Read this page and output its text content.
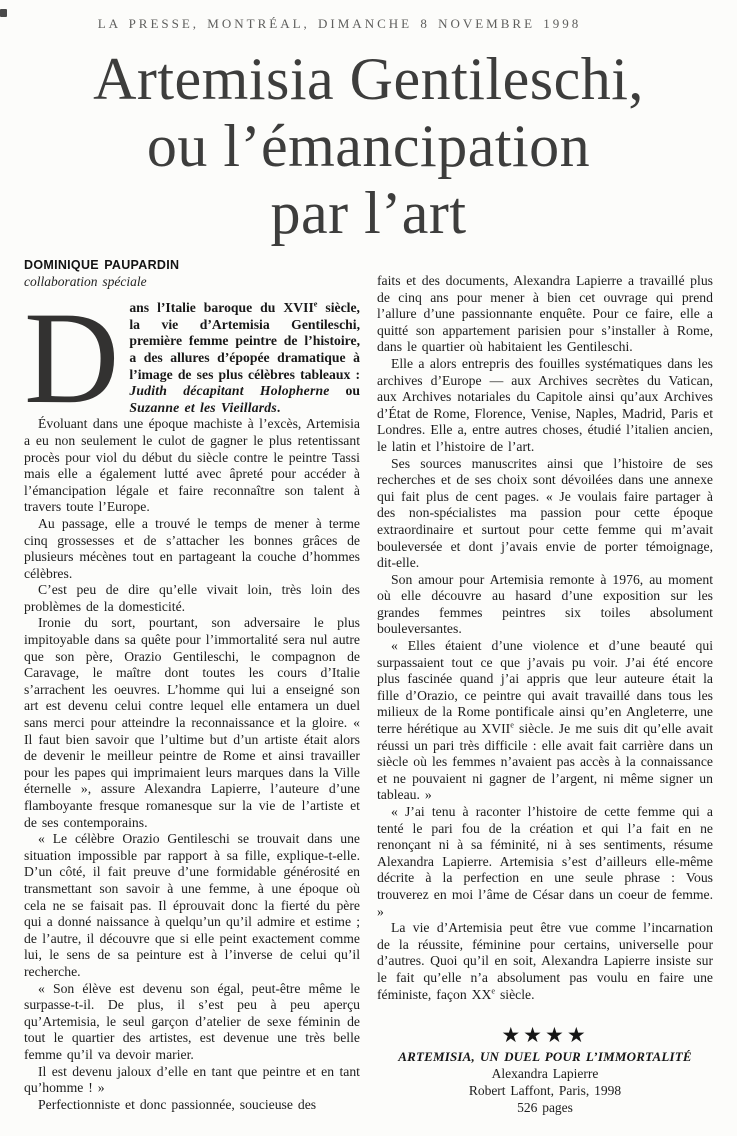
LA PRESSE, MONTRÉAL, DIMANCHE 8 NOVEMBRE 1998
Artemisia Gentileschi,
ou l’émancipation
par l’art
DOMINIQUE PAUPARDIN
collaboration spéciale

Dans l’Italie baroque du XVIIe siècle, la vie d’Artemisia Gentileschi, première femme peintre de l’histoire, a des allures d’épopée dramatique à l’image de ses plus célèbres tableaux : Judith décapitant Holopherne ou Suzanne et les Vieillards.

Évoluant dans une époque machiste à l’excès, Artemisia a eu non seulement le culot de gagner le plus retentissant procès pour viol du début du siècle contre le peintre Tassi mais elle a également lutté avec âpreté pour accéder à l’émancipation légale et faire reconnaître son talent à travers toute l’Europe.

Au passage, elle a trouvé le temps de mener à terme cinq grossesses et de s’attacher les bonnes grâces de plusieurs mécènes tout en partageant la couche d’hommes célèbres.

C’est peu de dire qu’elle vivait loin, très loin des problèmes de la domesticité.

Ironie du sort, pourtant, son adversaire le plus impitoyable dans sa quête pour l’immortalité sera nul autre que son père, Orazio Gentileschi, le compagnon de Caravage, le maître dont toutes les cours d’Italie s’arrachent les oeuvres. L’homme qui lui a enseigné son art est devenu celui contre lequel elle entamera un duel sans merci pour atteindre la reconnaissance et la gloire. « Il faut bien savoir que l’ultime but d’un artiste était alors de devenir le meilleur peintre de Rome et ainsi travailler pour les papes qui imprimaient leurs marques dans la Ville éternelle », assure Alexandra Lapierre, l’auteure d’une flamboyante fresque romanesque sur la vie de l’artiste et de ses contemporains.

« Le célèbre Orazio Gentileschi se trouvait dans une situation impossible par rapport à sa fille, explique-t-elle. D’un côté, il fait preuve d’une formidable générosité en transmettant son savoir à une femme, à une époque où cela ne se faisait pas. Il éprouvait donc la fierté du père qui a donné naissance à quelqu’un qu’il admire et estime ; de l’autre, il découvre que si elle peint exactement comme lui, le sens de sa peinture est à l’inverse de celui qu’il recherche.

« Son élève est devenu son égal, peut-être même le surpasse-t-il. De plus, il s’est peu à peu aperçu qu’Artemisia, le seul garçon d’atelier de sexe féminin de tout le quartier des artistes, est devenue une très belle femme qu’il va devoir marier.

Il est devenu jaloux d’elle en tant que peintre et en tant qu’homme ! »

Perfectionniste et donc passionnée, soucieuse des

faits et des documents, Alexandra Lapierre a travaillé plus de cinq ans pour mener à bien cet ouvrage qui prend l’allure d’une passionnante enquête. Pour ce faire, elle a quitté son appartement parisien pour s’installer à Rome, dans le quartier où habitaient les Gentileschi.

Elle a alors entrepris des fouilles systématiques dans les archives d’Europe — aux Archives secrètes du Vatican, aux Archives notariales du Capitole ainsi qu’aux Archives d’État de Rome, Florence, Venise, Naples, Madrid, Paris et Londres. Elle a, entre autres choses, étudié l’italien ancien, le latin et l’histoire de l’art.

Ses sources manuscrites ainsi que l’histoire de ses recherches et de ses choix sont dévoilées dans une annexe qui fait plus de cent pages. « Je voulais faire partager à des non-spécialistes ma passion pour cette époque extraordinaire et surtout pour cette femme qui m’avait bouleversée et dont j’avais envie de porter témoignage, dit-elle.

Son amour pour Artemisia remonte à 1976, au moment où elle découvre au hasard d’une exposition sur les grandes femmes peintres six toiles absolument bouleversantes.

« Elles étaient d’une violence et d’une beauté qui surpassaient tout ce que j’avais pu voir. J’ai été encore plus fascinée quand j’ai appris que leur auteure était la fille d’Orazio, ce peintre qui avait travaillé dans tous les milieux de la Rome pontificale ainsi qu’en Angleterre, une terre hérétique au XVIIe siècle. Je me suis dit qu’elle avait réussi un pari très difficile : elle avait fait carrière dans un siècle où les femmes n’avaient pas accès à la connaissance et ne pouvaient ni gagner de l’argent, ni même signer un tableau. »

« J’ai tenu à raconter l’histoire de cette femme qui a tenté le pari fou de la création et qui l’a fait en ne renonçant ni à sa féminité, ni à ses sentiments, résume Alexandra Lapierre. Artemisia s’est d’ailleurs elle-même décrite à la perfection en une seule phrase : Vous trouverez en moi l’âme de César dans un coeur de femme. »

La vie d’Artemisia peut être vue comme l’incarnation de la réussite, féminine pour certains, universelle pour d’autres. Quoi qu’il en soit, Alexandra Lapierre insiste sur le fait qu’elle n’a absolument pas voulu en faire une féministe, façon XXe siècle.

★★★★
ARTEMISIA, UN DUEL POUR L’IMMORTALITÉ
Alexandra Lapierre
Robert Laffont, Paris, 1998
526 pages
